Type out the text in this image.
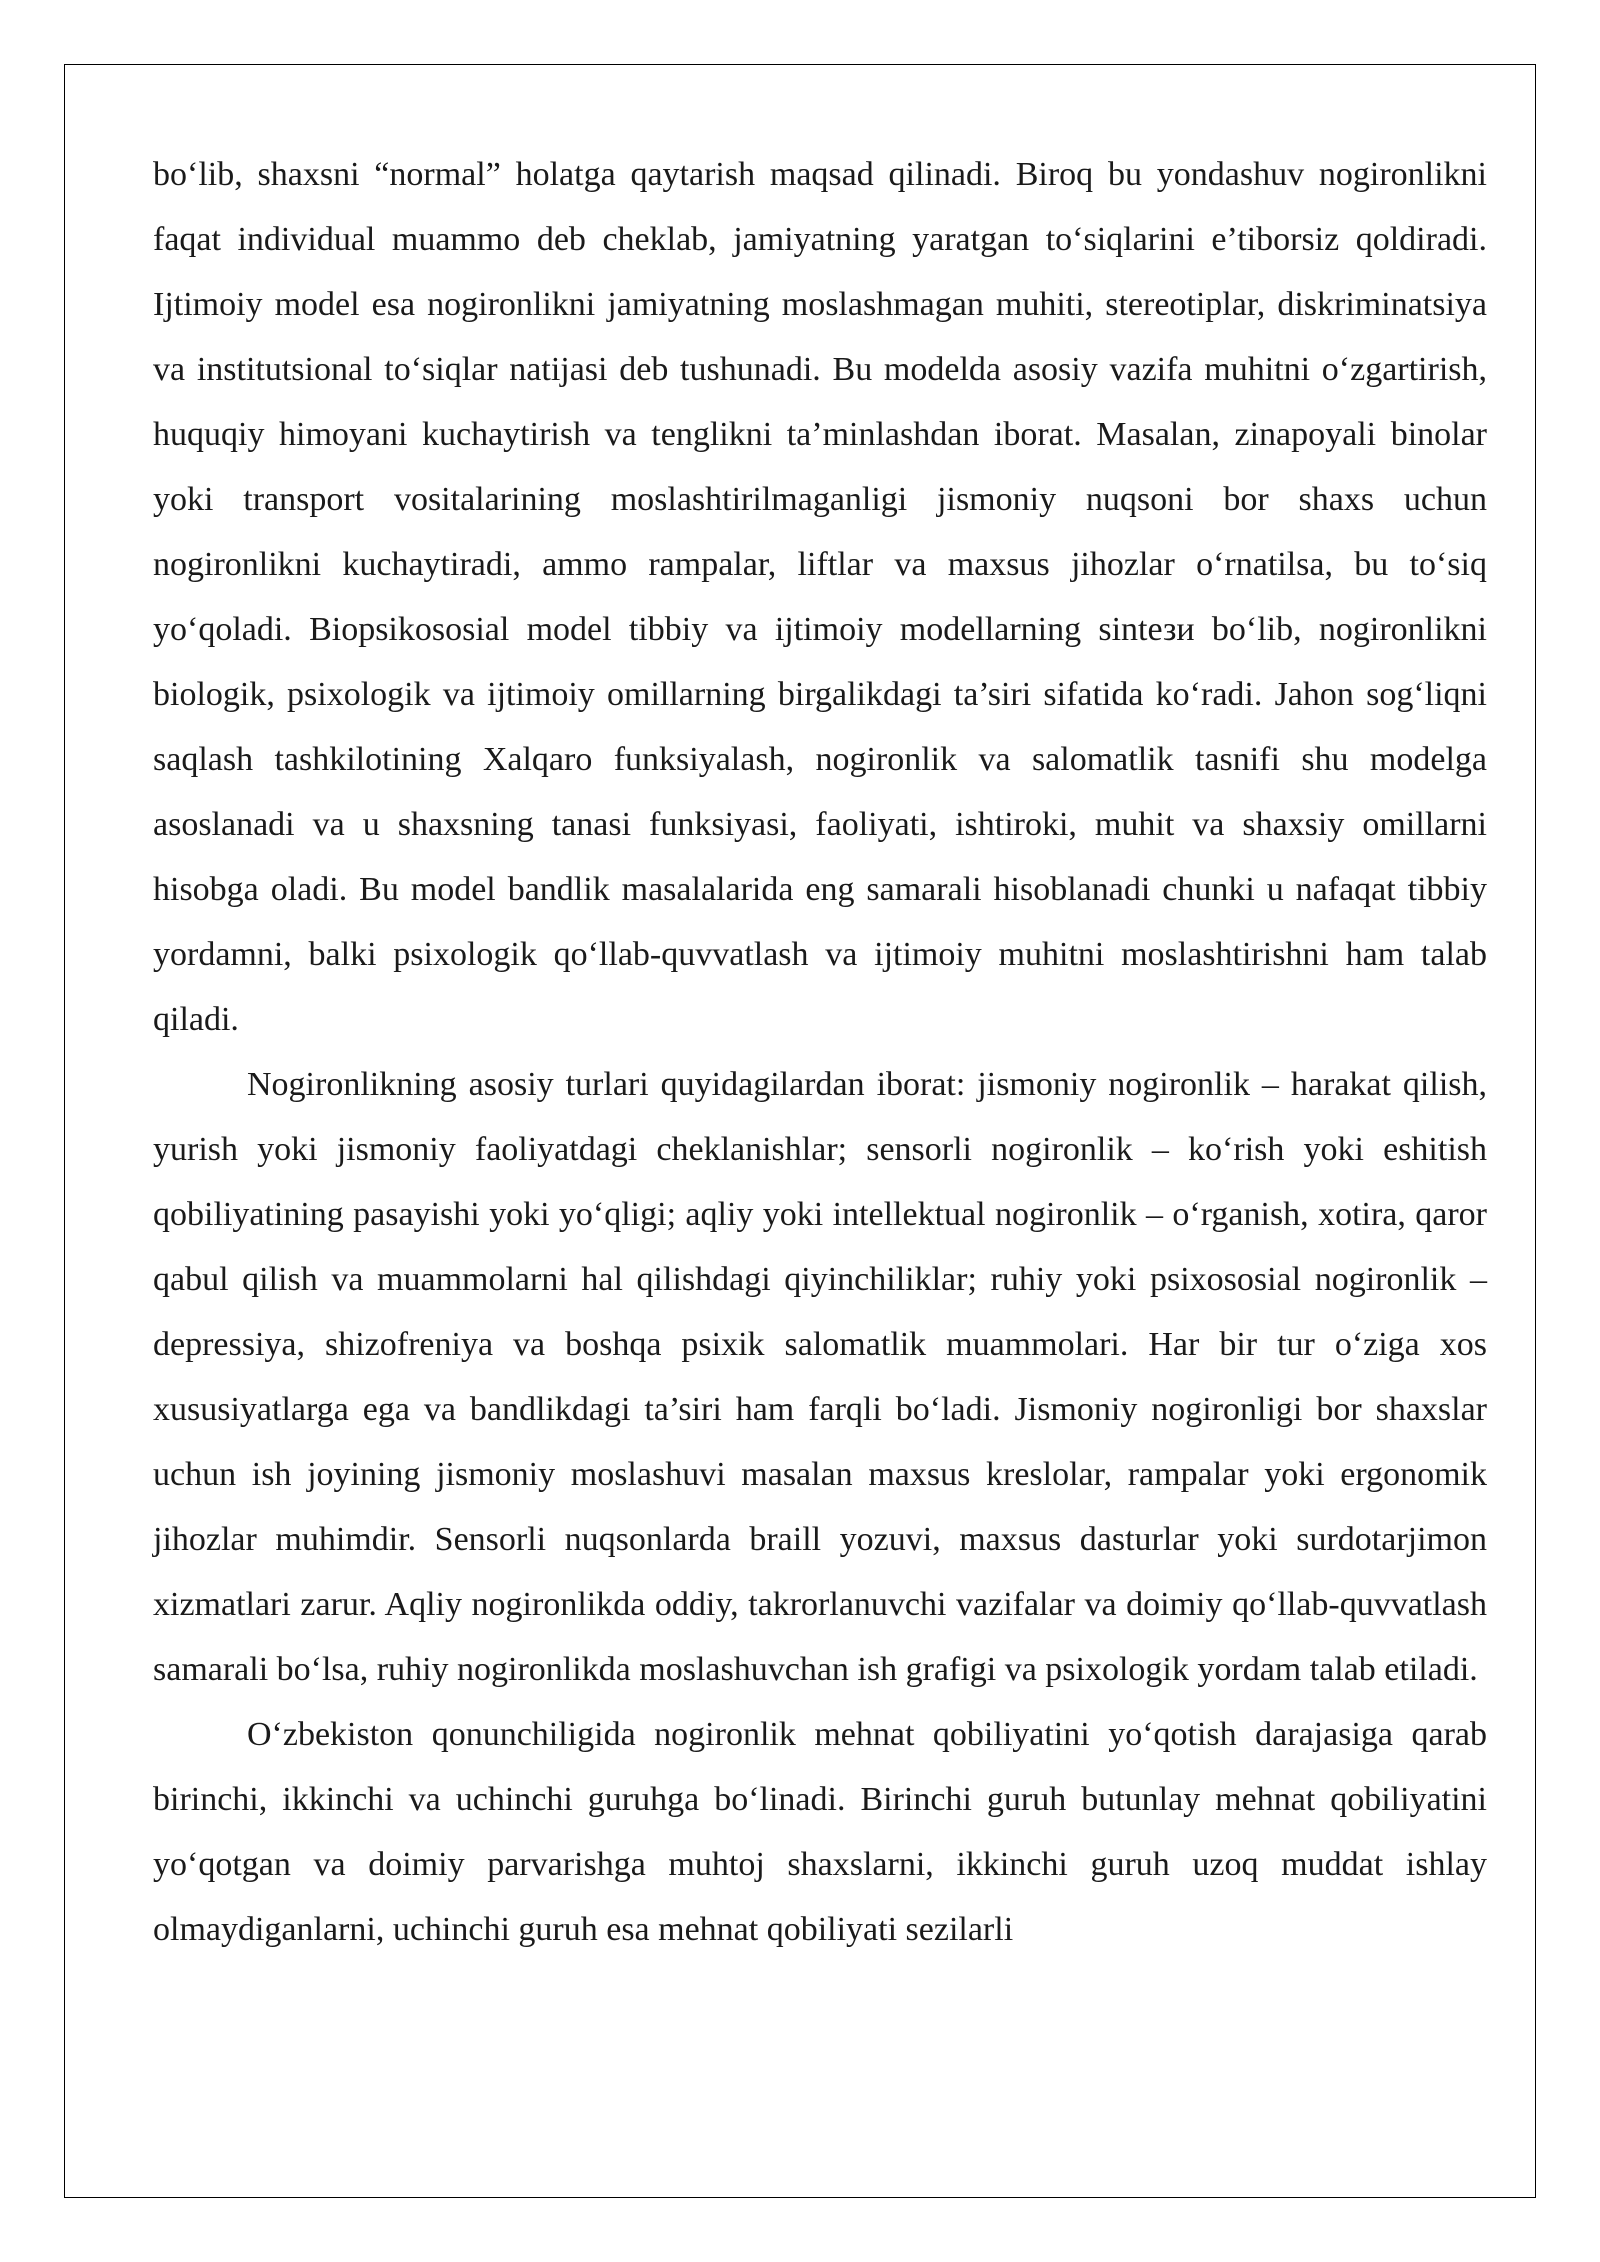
bo‘lib, shaxsni “normal” holatga qaytarish maqsad qilinadi. Biroq bu yondashuv nogironlikni faqat individual muammo deb cheklab, jamiyatning yaratgan to‘siqlarini e’tiborsiz qoldiradi. Ijtimoiy model esa nogironlikni jamiyatning moslashmagan muhiti, stereotiplar, diskriminatsiya va institutsional to‘siqlar natijasi deb tushunadi. Bu modelda asosiy vazifa muhitni o‘zgartirish, huquqiy himoyani kuchaytirish va tenglikni ta’minlashdan iborat. Masalan, zinapoyali binolar yoki transport vositalarining moslashtirilmaganligi jismoniy nuqsoni bor shaxs uchun nogironlikni kuchaytiradi, ammo rampalar, liftlar va maxsus jihozlar o‘rnatilsa, bu to‘siq yo‘qoladi. Biopsikososial model tibbiy va ijtimoiy modellarning sintези bo‘lib, nogironlikni biologik, psixologik va ijtimoiy omillarning birgalikdagi ta’siri sifatida ko‘radi. Jahon sog‘liqni saqlash tashkilotining Xalqaro funksiyalash, nogironlik va salomatlik tasnifi shu modelga asoslanadi va u shaxsning tanasi funksiyasi, faoliyati, ishtiroki, muhit va shaxsiy omillarni hisobga oladi. Bu model bandlik masalalarida eng samarali hisoblanadi chunki u nafaqat tibbiy yordamni, balki psixologik qo‘llab-quvvatlash va ijtimoiy muhitni moslashtirishni ham talab qiladi.

Nogironlikning asosiy turlari quyidagilardan iborat: jismoniy nogironlik – harakat qilish, yurish yoki jismoniy faoliyatdagi cheklanishlar; sensorli nogironlik – ko‘rish yoki eshitish qobiliyatining pasayishi yoki yo‘qligi; aqliy yoki intellektual nogironlik – o‘rganish, xotira, qaror qabul qilish va muammolarni hal qilishdagi qiyinchiliklar; ruhiy yoki psixososial nogironlik – depressiya, shizofreniya va boshqa psixik salomatlik muammolari. Har bir tur o‘ziga xos xususiyatlarga ega va bandlikdagi ta’siri ham farqli bo‘ladi. Jismoniy nogironligi bor shaxslar uchun ish joyining jismoniy moslashuvi masalan maxsus kreslolar, rampalar yoki ergonomik jihozlar muhimdir. Sensorli nuqsonlarda braill yozuvi, maxsus dasturlar yoki surdotarjimon xizmatlari zarur. Aqliy nogironlikda oddiy, takrorlanuvchi vazifalar va doimiy qo‘llab-quvvatlash samarali bo‘lsa, ruhiy nogironlikda moslashuvchan ish grafigi va psixologik yordam talab etiladi.

O‘zbekiston qonunchiligida nogironlik mehnat qobiliyatini yo‘qotish darajasiga qarab birinchi, ikkinchi va uchinchi guruhga bo‘linadi. Birinchi guruh butunlay mehnat qobiliyatini yo‘qotgan va doimiy parvarishga muhtoj shaxslarni, ikkinchi guruh uzoq muddat ishlay olmaydiganlarni, uchinchi guruh esa mehnat qobiliyati sezilarli
